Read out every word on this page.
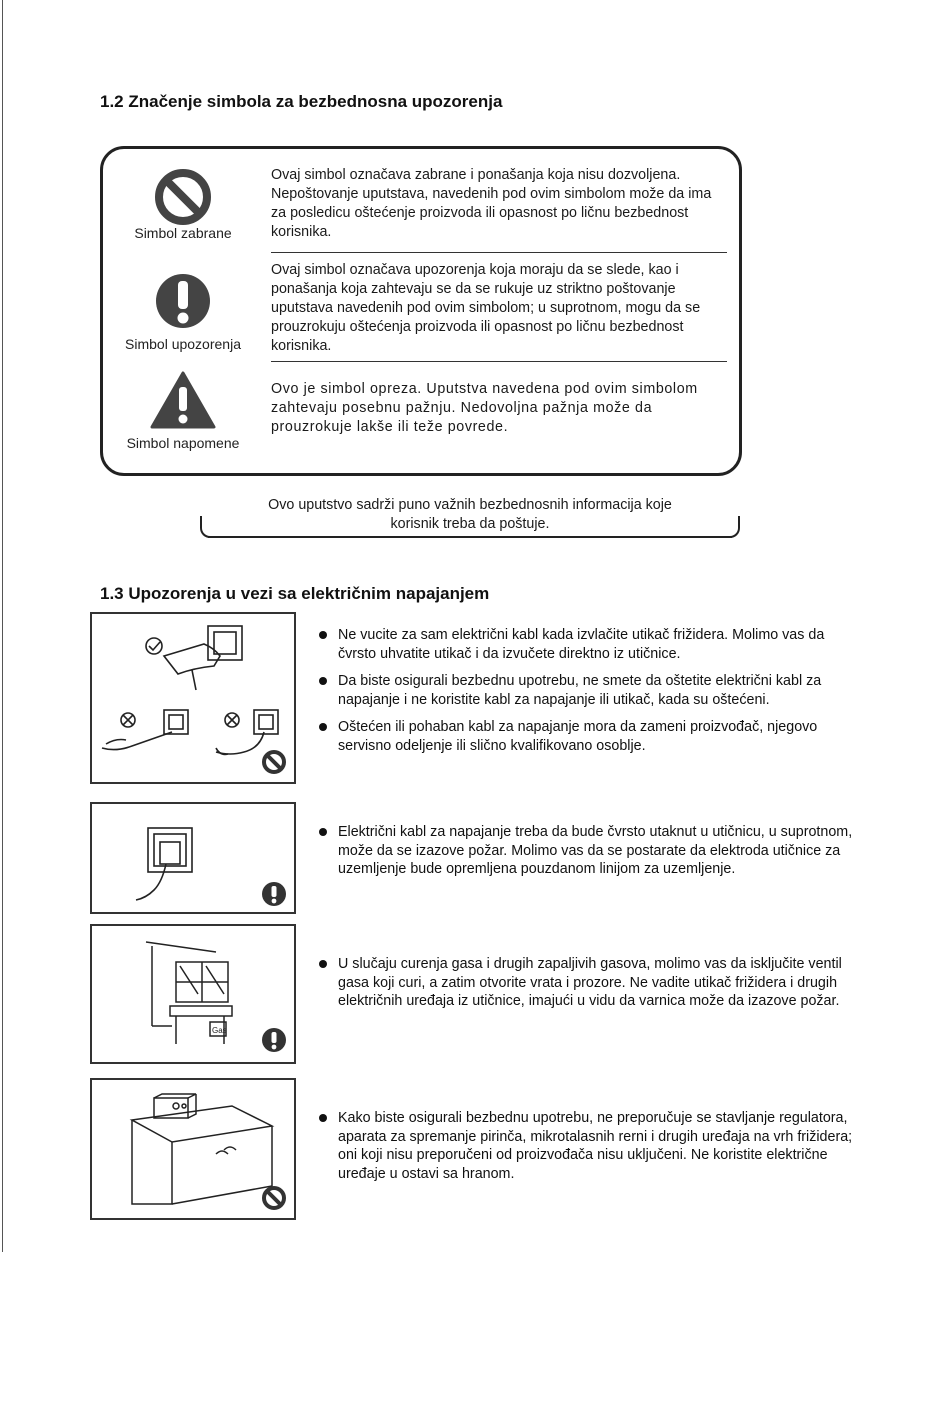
1.2 Značenje simbola za bezbednosna upozorenja
Simbol zabrane
Ovaj simbol označava zabrane i ponašanja koja nisu dozvoljena. Nepoštovanje uputstava, navedenih pod ovim simbolom može da ima za posledicu oštećenje proizvoda ili opasnost po ličnu bezbednost korisnika.
Simbol upozorenja
Ovaj simbol označava upozorenja koja moraju da se slede, kao i ponašanja koja zahtevaju se da se rukuje uz striktno poštovanje uputstava navedenih pod ovim simbolom; u suprotnom, mogu da se prouzrokuju oštećenja proizvoda ili opasnost po ličnu bezbednost korisnika.
Simbol napomene
Ovo je simbol opreza. Uputstva navedena pod ovim simbolom zahtevaju posebnu pažnju. Nedovoljna pažnja može da prouzrokuje lakše ili teže povrede.
Ovo uputstvo sadrži puno važnih bezbednosnih informacija koje korisnik treba da poštuje.
1.3 Upozorenja u vezi sa električnim napajanjem
Ne vucite za sam električni kabl kada izvlačite utikač frižidera. Molimo vas da čvrsto uhvatite utikač i da izvučete direktno iz utičnice.
Da biste osigurali bezbednu upotrebu, ne smete da oštetite električni kabl za napajanje i ne koristite kabl za napajanje ili utikač, kada su oštećeni.
Oštećen ili pohaban kabl za napajanje mora da zameni proizvođač, njegovo servisno odeljenje ili slično kvalifikovano osoblje.
Električni kabl za napajanje treba da bude čvrsto utaknut u utičnicu, u suprotnom, može da se izazove požar. Molimo vas da se postarate da elektroda utičnice za uzemljenje bude opremljena pouzdanom linijom za uzemljenje.
Gas
U slučaju curenja gasa i drugih zapaljivih gasova, molimo vas da isključite ventil gasa koji curi, a zatim otvorite vrata i prozore. Ne vadite utikač frižidera i drugih električnih uređaja iz utičnice, imajući u vidu da varnica može da izazove požar.
Kako biste osigurali bezbednu upotrebu, ne preporučuje se stavljanje regulatora, aparata za spremanje pirinča, mikrotalasnih rerni i drugih uređaja na vrh frižidera; oni koji nisu preporučeni od proizvođača nisu uključeni. Ne koristite električne uređaje u ostavi sa hranom.
